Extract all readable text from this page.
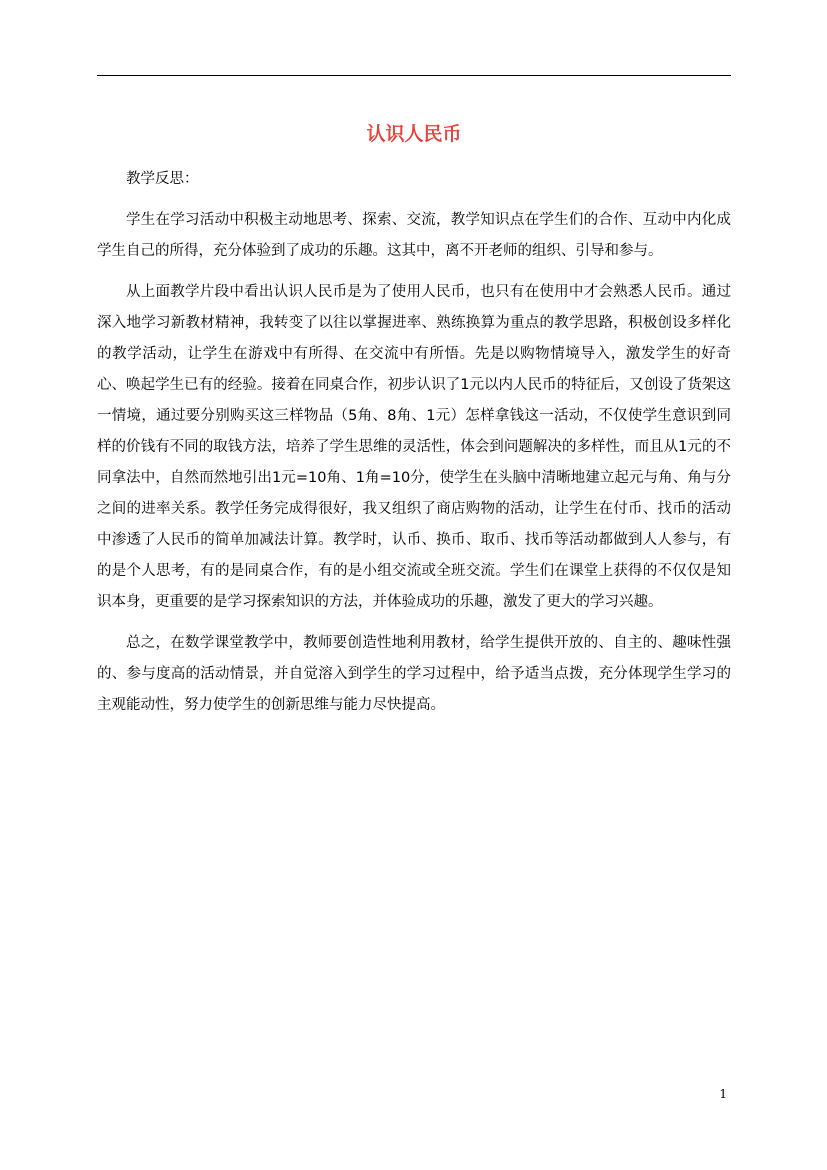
认识人民币

教学反思：

学生在学习活动中积极主动地思考、探索、交流，教学知识点在学生们的合作、互动中内化成学生自己的所得，充分体验到了成功的乐趣。这其中，离不开老师的组织、引导和参与。

从上面教学片段中看出认识人民币是为了使用人民币，也只有在使用中才会熟悉人民币。通过深入地学习新教材精神，我转变了以往以掌握进率、熟练换算为重点的教学思路，积极创设多样化的教学活动，让学生在游戏中有所得、在交流中有所悟。先是以购物情境导入，激发学生的好奇心、唤起学生已有的经验。接着在同桌合作，初步认识了1元以内人民币的特征后，又创设了货架这一情境，通过要分别购买这三样物品（5角、8角、1元）怎样拿钱这一活动，不仅使学生意识到同样的价钱有不同的取钱方法，培养了学生思维的灵活性，体会到问题解决的多样性，而且从1元的不同拿法中，自然而然地引出1元=10角、1角=10分，使学生在头脑中清晰地建立起元与角、角与分之间的进率关系。教学任务完成得很好，我又组织了商店购物的活动，让学生在付币、找币的活动中渗透了人民币的简单加减法计算。教学时，认币、换币、取币、找币等活动都做到人人参与，有的是个人思考，有的是同桌合作，有的是小组交流或全班交流。学生们在课堂上获得的不仅仅是知识本身，更重要的是学习探索知识的方法，并体验成功的乐趣，激发了更大的学习兴趣。

总之，在数学课堂教学中，教师要创造性地利用教材，给学生提供开放的、自主的、趣味性强的、参与度高的活动情景，并自觉溶入到学生的学习过程中，给予适当点拨，充分体现学生学习的主观能动性，努力使学生的创新思维与能力尽快提高。

1
